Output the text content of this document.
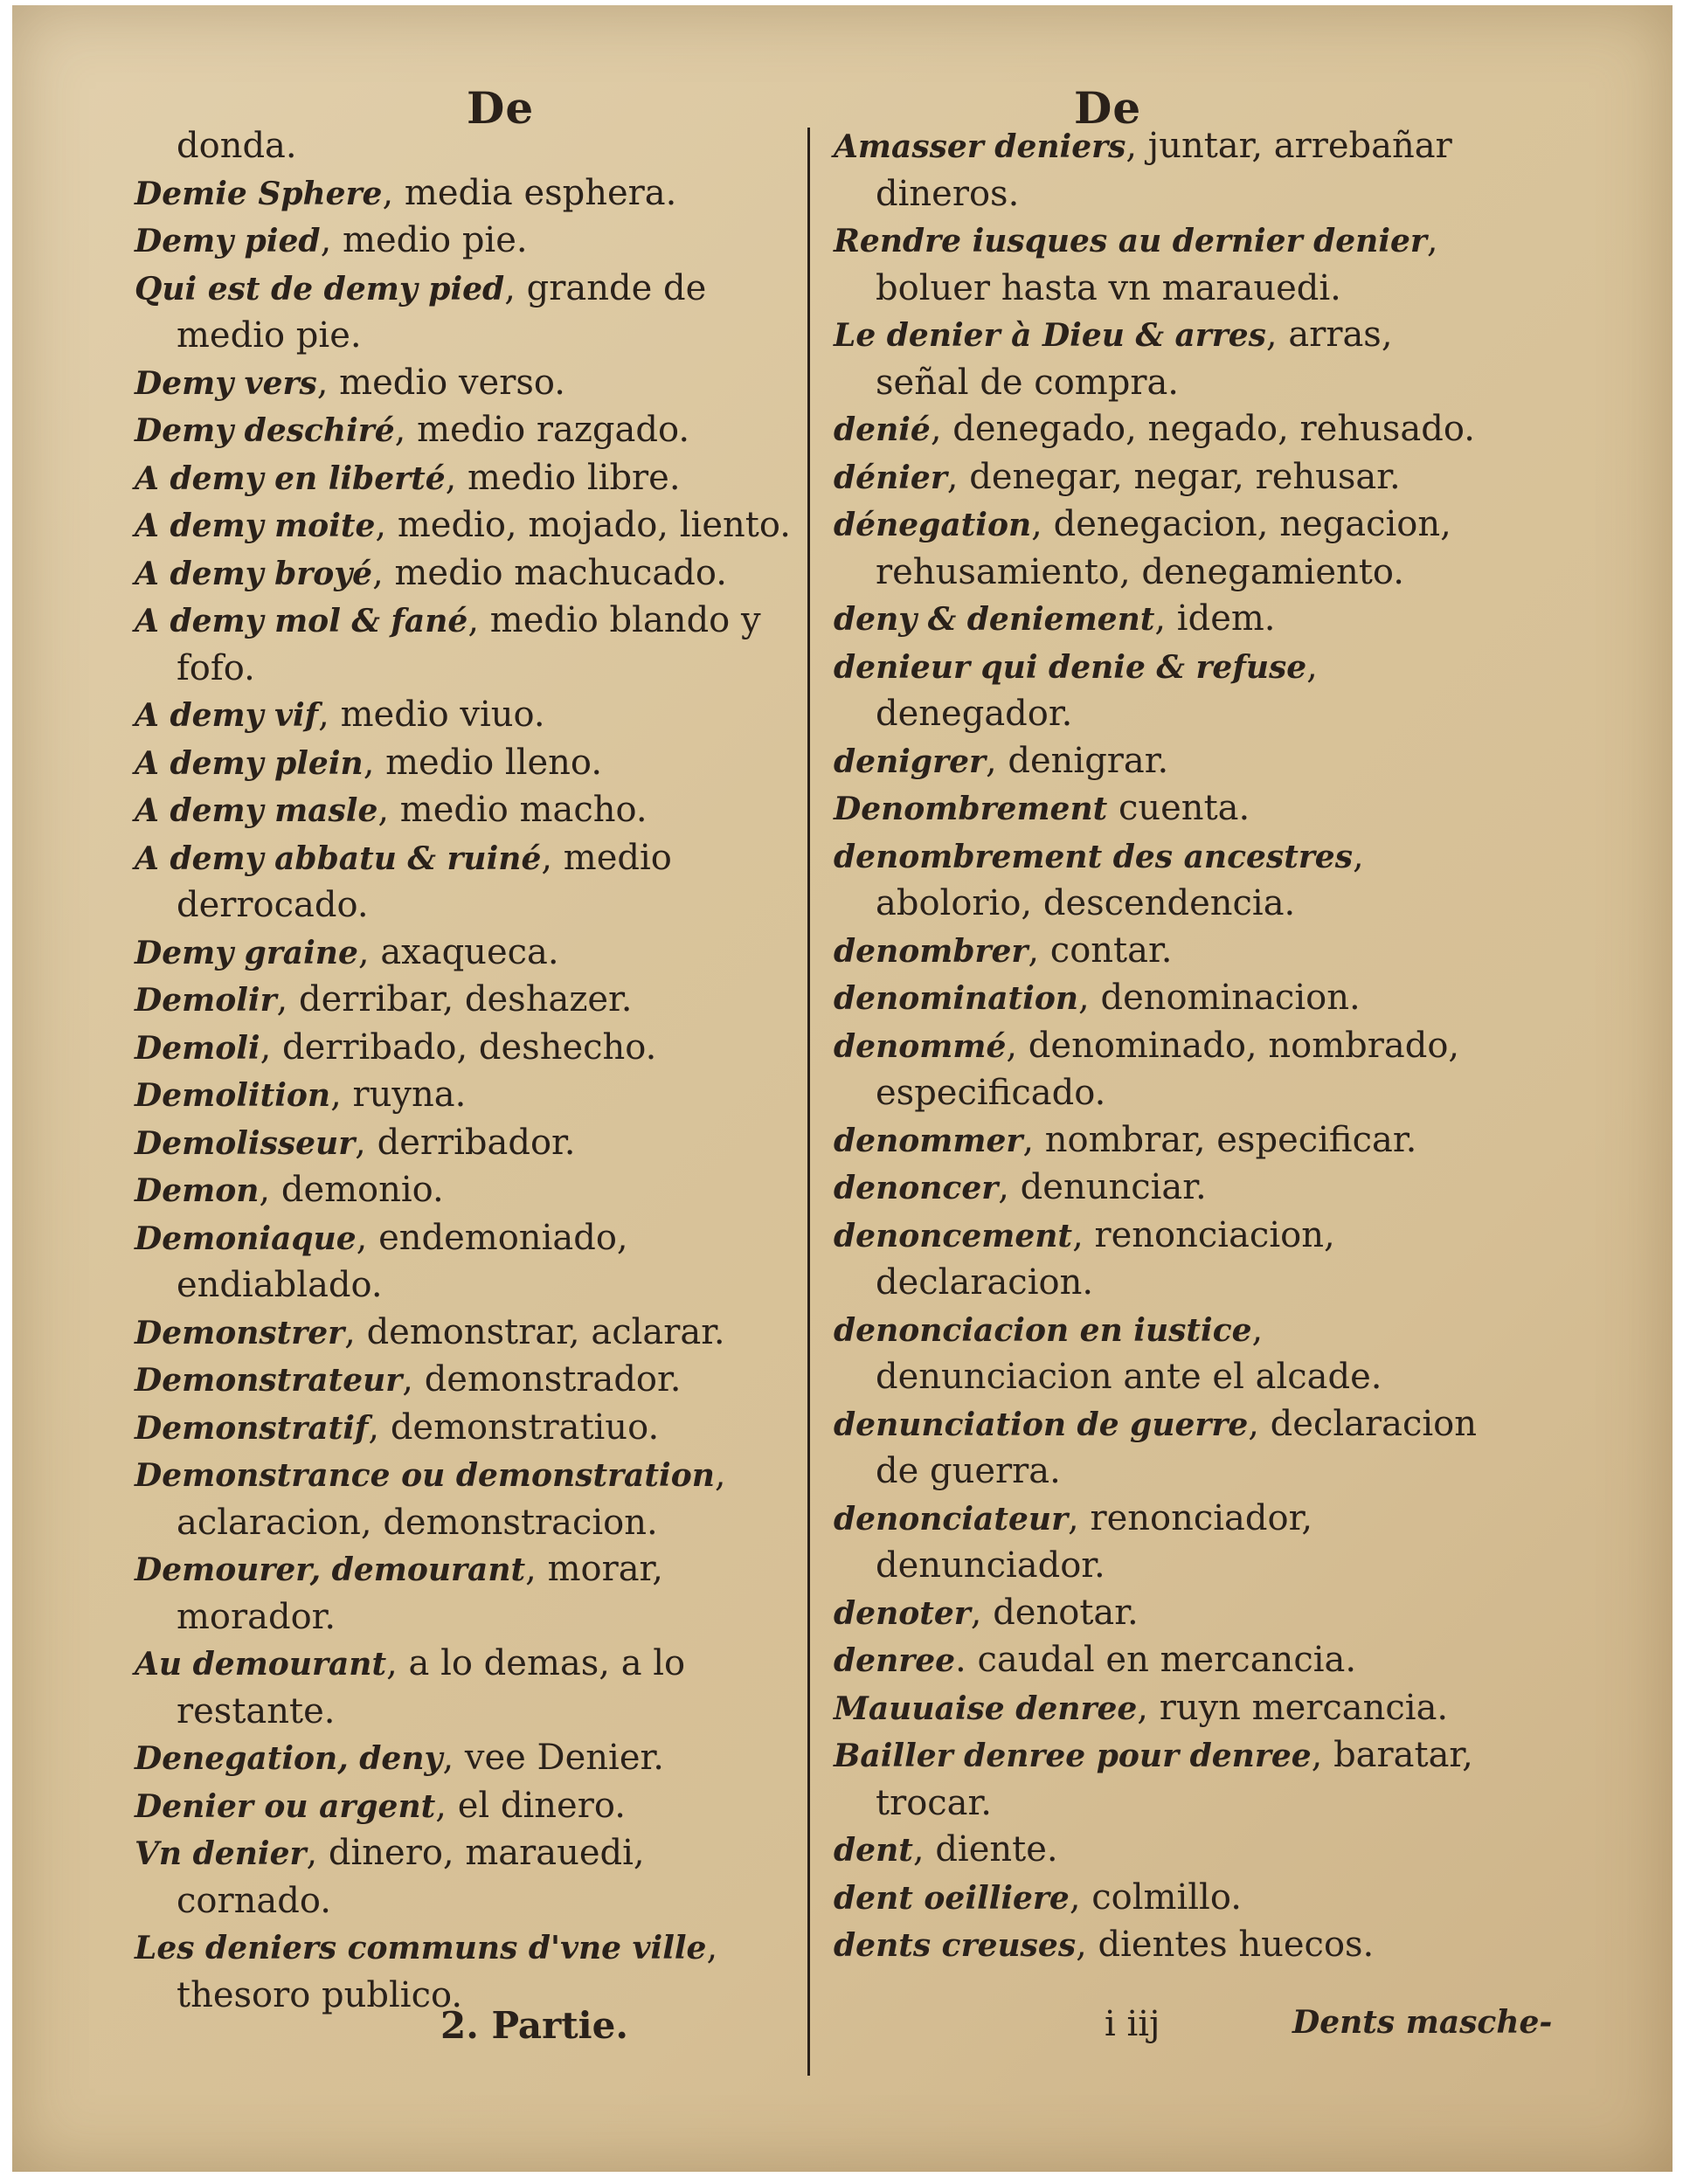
De	De

donda.

Demie Sphere, media esphera.

Demy pied, medio pie.

Qui est de demy pied, grande de medio pie.

Demy vers, medio verso.

Demy deschiré, medio razgado.

A demy en liberté, medio libre.

A demy moite, medio, mojado, liento.

A demy broyé, medio machucado.

A demy mol & fané, medio blando y fofo.

A demy vif, medio viuo.

A demy plein, medio lleno.

A demy masle, medio macho.

A demy abbatu & ruiné, medio derrocado.

Demy graine, axaqueca.

Demolir, derribar, deshazer.

Demoli, derribado, deshecho.

Demolition, ruyna.

Demolisseur, derribador.

Demon, demonio.

Demoniaque, endemoniado, endiablado.

Demonstrer, demonstrar, aclarar.

Demonstrateur, demonstrador.

Demonstratif, demonstratiuo.

Demonstrance ou demonstration, aclaracion, demonstracion.

Demourer, demourant, morar, morador.

Au demourant, a lo demas, a lo restante.

Denegation, deny, vee Denier.

Denier ou argent, el dinero.

Vn denier, dinero, marauedi, cornado.

Les deniers communs d'vne ville, thesoro publico.

Amasser deniers, juntar, arrebañar dineros.

Rendre iusques au dernier denier, boluer hasta vn marauedi.

Le denier à Dieu & arres, arras, señal de compra.

denié, denegado, negado, rehusado.

dénier, denegar, negar, rehusar.

dénegation, denegacion, negacion, rehusamiento, denegamiento.

deny & deniement, idem.

denieur qui denie & refuse, denegador.

denigrer, denigrar.

Denombrement cuenta.

denombrement des ancestres, abolorio, descendencia.

denombrer, contar.

denomination, denominacion.

denommé, denominado, nombrado, especificado.

denommer, nombrar, especificar.

denoncer, denunciar.

denoncement, renonciacion, declaracion.

denonciacion en iustice, denunciacion ante el alcade.

denunciation de guerre, declaracion de guerra.

denonciateur, renonciador, denunciador.

denoter, denotar.

denree. caudal en mercancia.

Mauuaise denree, ruyn mercancia.

Bailler denree pour denree, baratar, trocar.

dent, diente.

dent oeilliere, colmillo.

dents creuses, dientes huecos.

2. Partie.	i iij	Dents masche-
